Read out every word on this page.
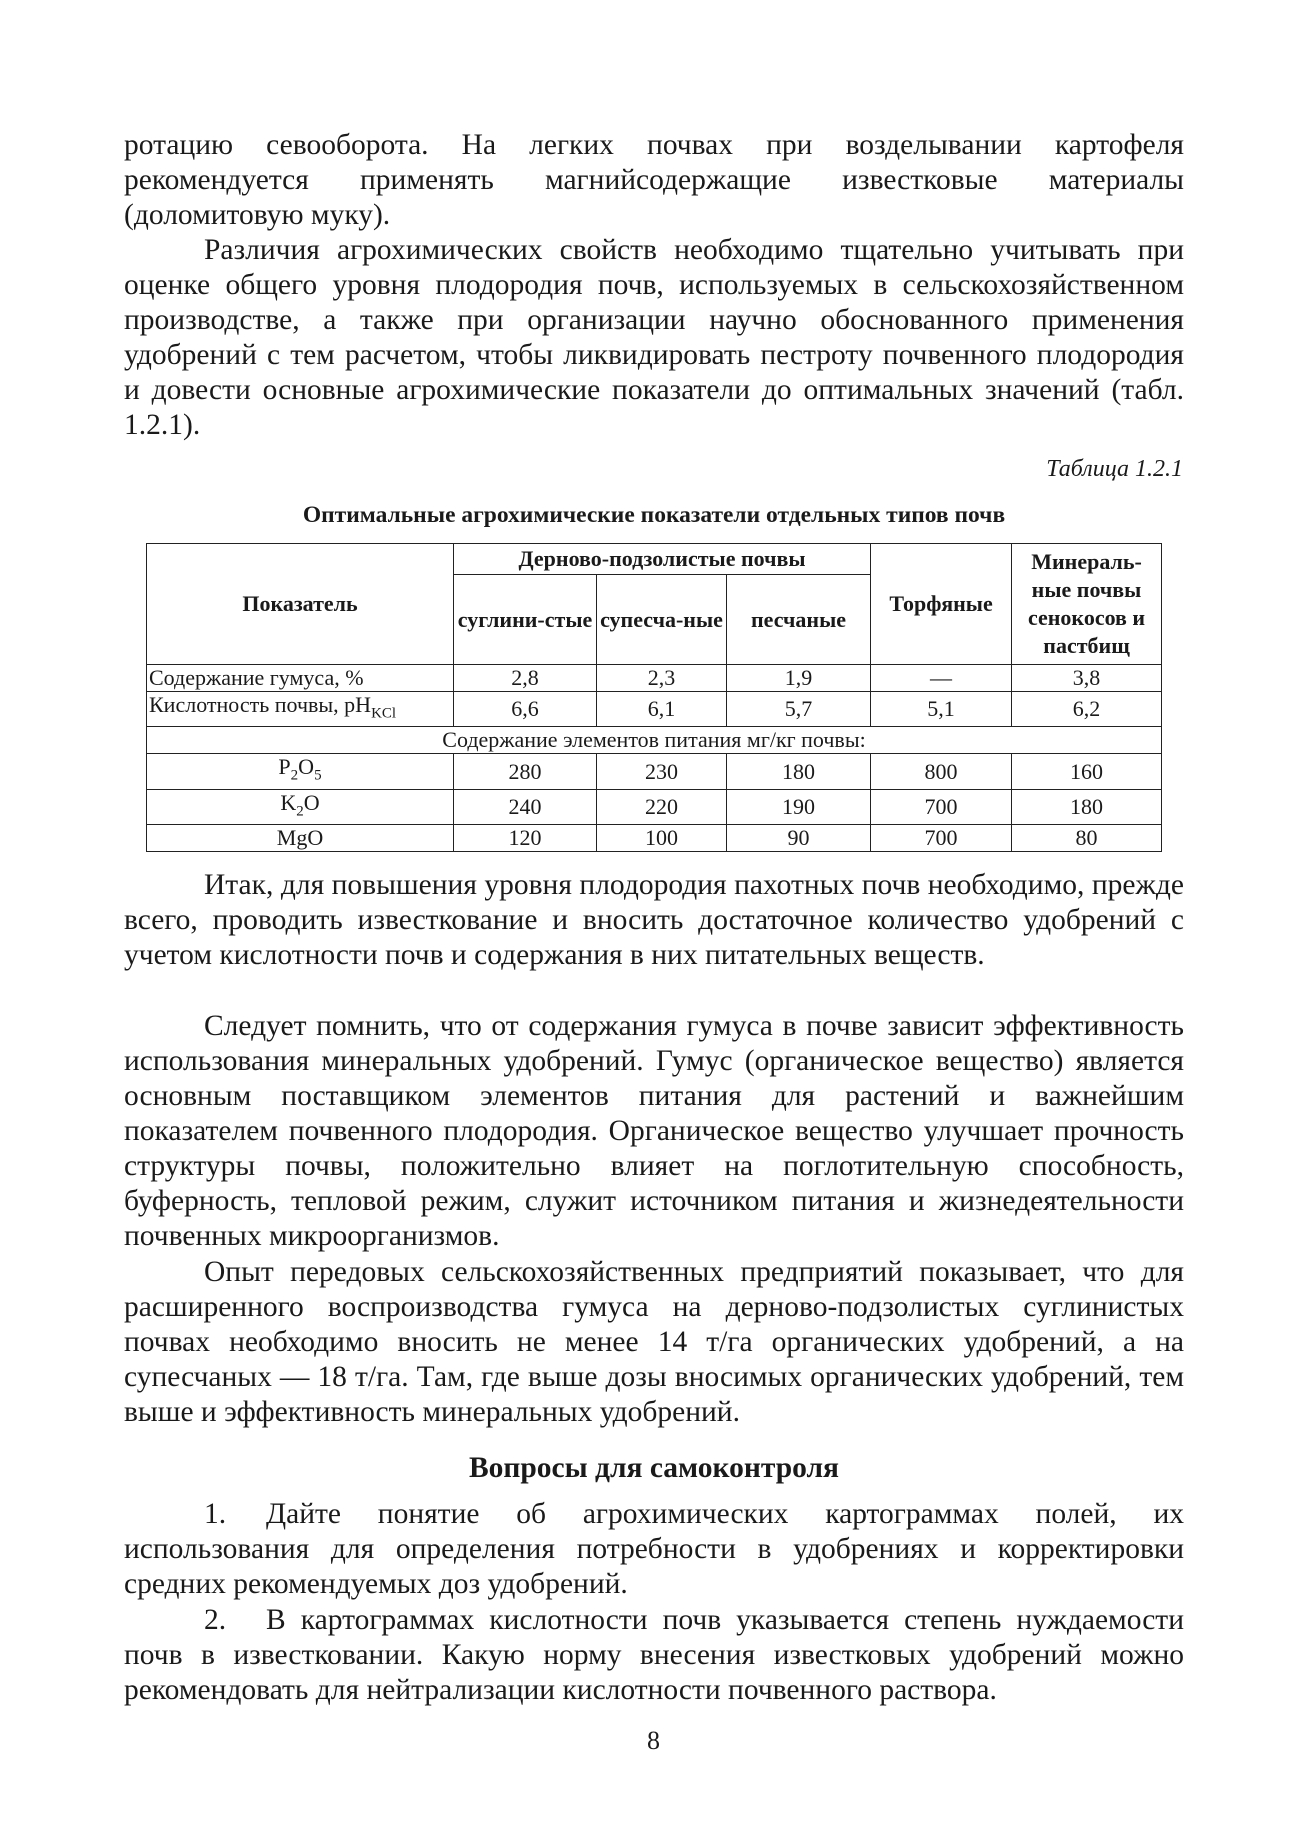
ротацию севооборота. На легких почвах при возделывании картофеля рекомендуется применять магнийсодержащие известковые материалы (доломитовую муку).

Различия агрохимических свойств необходимо тщательно учитывать при оценке общего уровня плодородия почв, используемых в сельскохозяйственном производстве, а также при организации научно обоснованного применения удобрений с тем расчетом, чтобы ликвидировать пестроту почвенного плодородия и довести основные агрохимические показатели до оптимальных значений (табл. 1.2.1).

Таблица 1.2.1
Оптимальные агрохимические показатели отдельных типов почв
Показатель	Дерново-подзолистые почвы			Торфяные	Минераль-ные почвы сенокосов и пастбищ
	суглини-стые	супесча-ные	песчаные		
Содержание гумуса, %	2,8	2,3	1,9	—	3,8
Кислотность почвы, $pH_{KCl}$	6,6	6,1	5,7	5,1	6,2
Содержание элементов питания мг/кг почвы:					
$P_2O_5$	280	230	180	800	160
$K_2O$	240	220	190	700	180
MgO	120	100	90	700	80

Итак, для повышения уровня плодородия пахотных почв необходимо, прежде всего, проводить известкование и вносить достаточное количество удобрений с учетом кислотности почв и содержания в них питательных веществ.

Следует помнить, что от содержания гумуса в почве зависит эффективность использования минеральных удобрений. Гумус (органическое вещество) является основным поставщиком элементов питания для растений и важнейшим показателем почвенного плодородия. Органическое вещество улучшает прочность структуры почвы, положительно влияет на поглотительную способность, буферность, тепловой режим, служит источником питания и жизнедеятельности почвенных микроорганизмов.

Опыт передовых сельскохозяйственных предприятий показывает, что для расширенного воспроизводства гумуса на дерново-подзолистых суглинистых почвах необходимо вносить не менее 14 т/га органических удобрений, а на супесчаных — 18 т/га. Там, где выше дозы вносимых органических удобрений, тем выше и эффективность минеральных удобрений.

Вопросы для самоконтроля

1. Дайте понятие об агрохимических картограммах полей, их использования для определения потребности в удобрениях и корректировки средних рекомендуемых доз удобрений.

2. В картограммах кислотности почв указывается степень нуждаемости почв в известковании. Какую норму внесения известковых удобрений можно рекомендовать для нейтрализации кислотности почвенного раствора.

8
